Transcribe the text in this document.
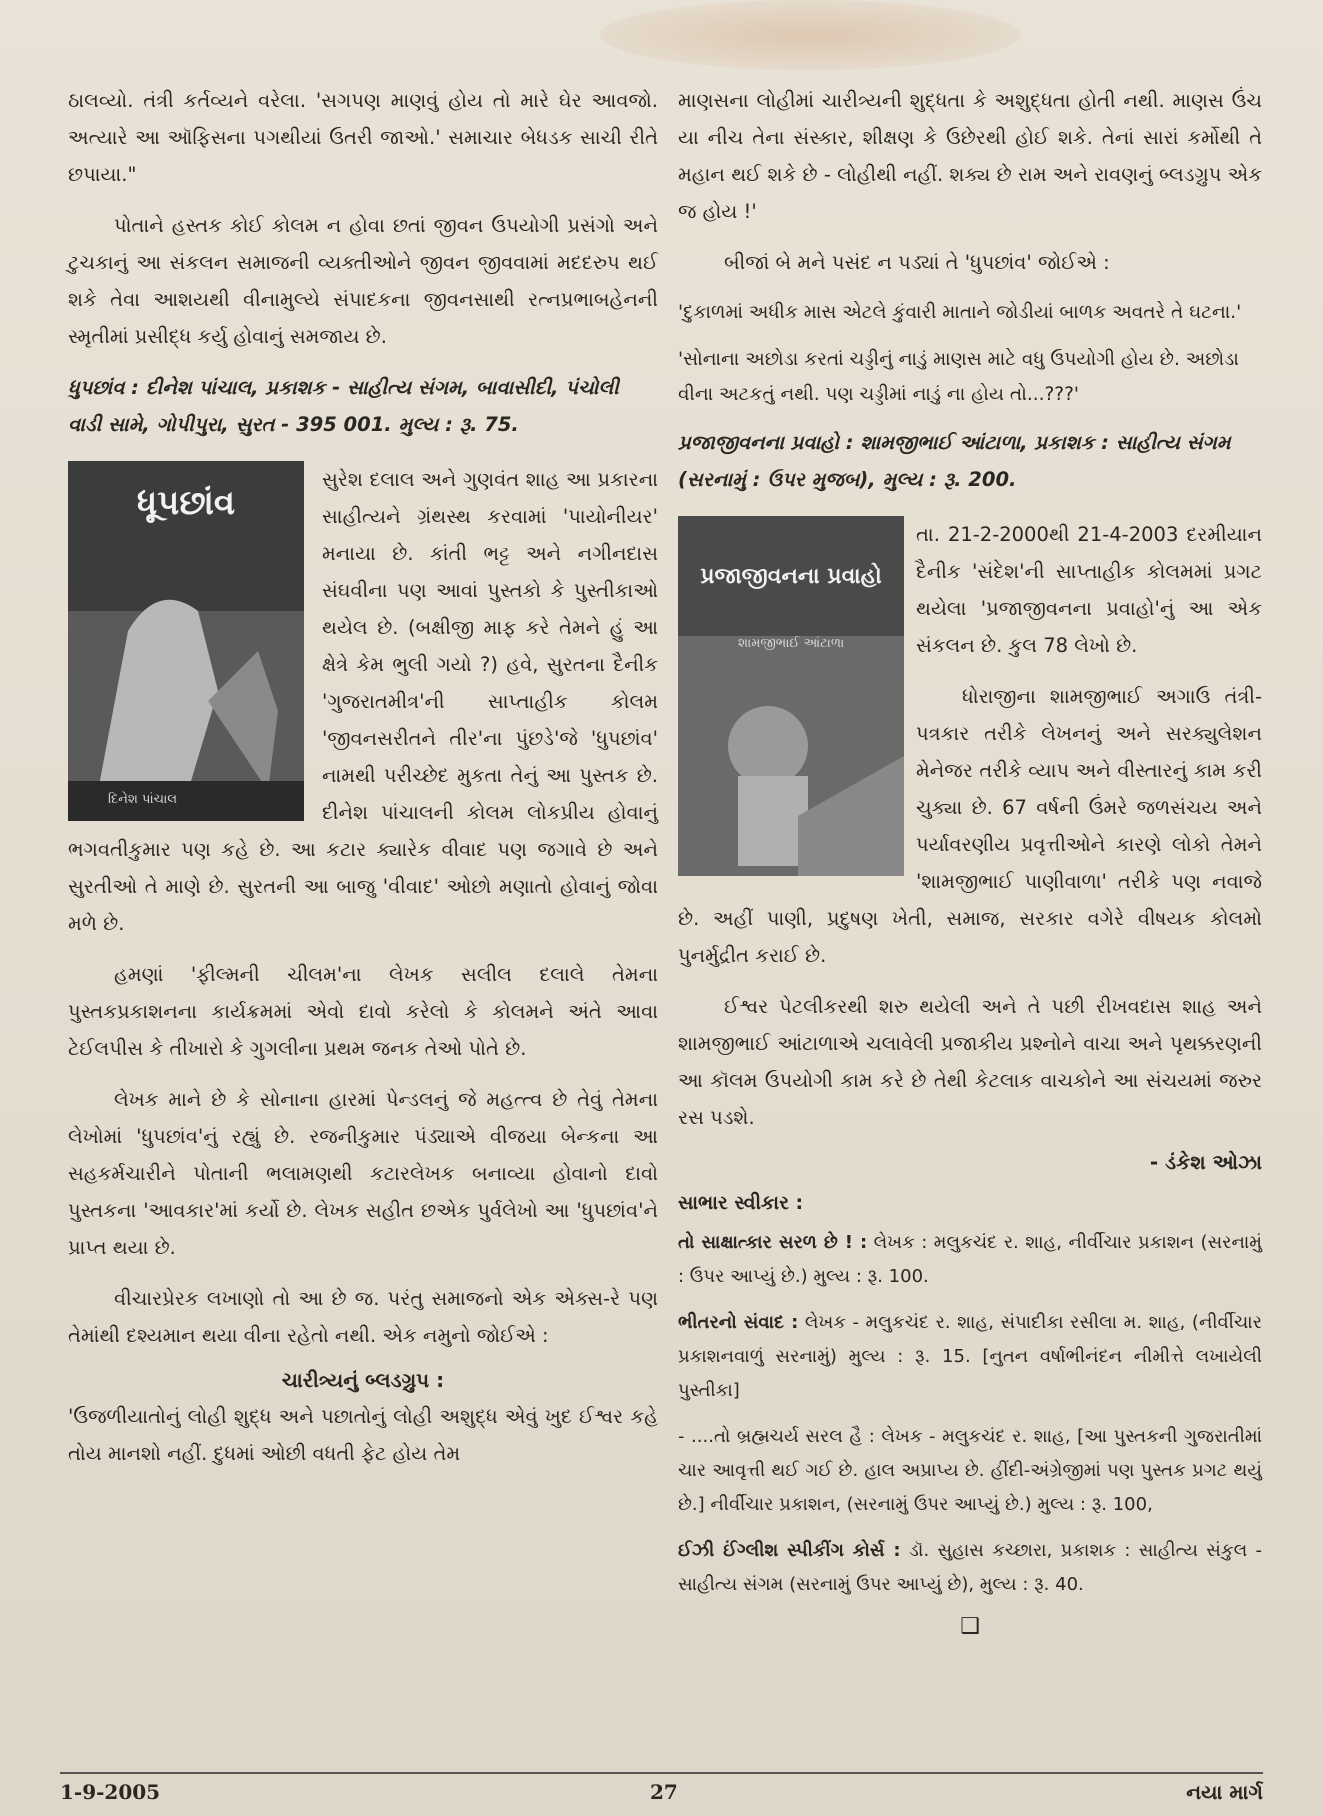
ઠાલવ્યો. તંત્રી કર્તવ્યને વરેલા. 'સગપણ માણવું હોય તો મારે ઘેર આવજો. અત્યારે આ ઑફિસના પગથીયાં ઉતરી જાઓ.' સમાચાર બેધડક સાચી રીતે છપાયા."

પોતાને હસ્તક કોઈ કોલમ ન હોવા છતાં જીવન ઉપયોગી પ્રસંગો અને ટુચકાનું આ સંકલન સમાજની વ્યક્તીઓને જીવન જીવવામાં મદદરુપ થઈ શકે તેવા આશયથી વીનામુલ્યે સંપાદકના જીવનસાથી રત્નપ્રભાબહેનની સ્મૃતીમાં પ્રસીદ્ધ કર્યુ હોવાનું સમજાય છે.

ધુપછાંવ : દીનેશ પાંચાલ, પ્રકાશક - સાહીત્ય સંગમ, બાવાસીદી, પંચોલી વાડી સામે, ગોપીપુરા, સુરત - 395 001. મુલ્ય : રૂ. 75.
ધૂપછાંવ
દિનેશ પાંચાલ

સુરેશ દલાલ અને ગુણવંત શાહ આ પ્રકારના સાહીત્યને ગ્રંથસ્થ કરવામાં 'પાયોનીયર' મનાયા છે. કાંતી ભટ્ટ અને નગીનદાસ સંઘવીના પણ આવાં પુસ્તકો કે પુસ્તીકાઓ થયેલ છે. (બક્ષીજી માફ કરે તેમને હું આ ક્ષેત્રે કેમ ભુલી ગયો ?) હવે, સુરતના દૈનીક 'ગુજરાતમીત્ર'ની સાપ્તાહીક કોલમ 'જીવનસરીતને તીર'ના પુંછડે'જે 'ધુપછાંવ' નામથી પરીચ્છેદ મુકતા તેનું આ પુસ્તક છે. દીનેશ પાંચાલની કોલમ લોકપ્રીય હોવાનું ભગવતીકુમાર પણ કહે છે. આ કટાર ક્યારેક વીવાદ પણ જગાવે છે અને સુરતીઓ તે માણે છે. સુરતની આ બાજુ 'વીવાદ' ઓછો મણાતો હોવાનું જોવા મળે છે.

હમણાં 'ફીલ્મની ચીલમ'ના લેખક સલીલ દલાલે તેમના પુસ્તકપ્રકાશનના કાર્યક્રમમાં એવો દાવો કરેલો કે કોલમને અંતે આવા ટેઈલપીસ કે તીખારો કે ગુગલીના પ્રથમ જનક તેઓ પોતે છે.

લેખક માને છે કે સોનાના હારમાં પેન્ડલનું જે મહત્ત્વ છે તેવું તેમના લેખોમાં 'ધુપછાંવ'નું રહ્યું છે. રજનીકુમાર પંડ્યાએ વીજયા બેન્કના આ સહકર્મચારીને પોતાની ભલામણથી કટારલેખક બનાવ્યા હોવાનો દાવો પુસ્તકના 'આવકાર'માં કર્યો છે. લેખક સહીત છએક પુર્વલેખો આ 'ધુપછાંવ'ને પ્રાપ્ત થયા છે.

વીચારપ્રેરક લખાણો તો આ છે જ. પરંતુ સમાજનો એક એક્સ-રે પણ તેમાંથી દશ્યમાન થયા વીના રહેતો નથી. એક નમુનો જોઈએ :

ચારીત્ર્યનું બ્લડગ્રુપ :

'ઉજળીયાતોનું લોહી શુદ્ધ અને પછાતોનું લોહી અશુદ્ધ એવું ખુદ ઈશ્વર કહે તોય માનશો નહીં. દુધમાં ઓછી વધતી ફેટ હોય તેમ

માણસના લોહીમાં ચારીત્ર્યની શુદ્ધતા કે અશુદ્ધતા હોતી નથી. માણસ ઉંચ યા નીચ તેના સંસ્કાર, શીક્ષણ કે ઉછેરથી હોઈ શકે. તેનાં સારાં કર્મોથી તે મહાન થઈ શકે છે - લોહીથી નહીં. શક્ય છે રામ અને રાવણનું બ્લડગ્રુપ એક જ હોય !'

બીજાં બે મને પસંદ ન પડ્યાં તે 'ધુપછાંવ' જોઈએ :

'દુકાળમાં અધીક માસ એટલે કુંવારી માતાને જોડીયાં બાળક અવતરે તે ઘટના.'
'સોનાના અછોડા કરતાં ચડ્ડીનું નાડું માણસ માટે વધુ ઉપયોગી હોય છે. અછોડા વીના અટકતું નથી. પણ ચડ્ડીમાં નાડું ના હોય તો...???'
પ્રજાજીવનના પ્રવાહો : શામજીભાઈ આંટાળા, પ્રકાશક : સાહીત્ય સંગમ (સરનામું : ઉપર મુજબ), મુલ્ય : રૂ. 200.
પ્રજાજીવનના પ્રવાહો
શામજીભાઈ આંટાળા

તા. 21-2-2000થી 21-4-2003 દરમીયાન દૈનીક 'સંદેશ'ની સાપ્તાહીક કોલમમાં પ્રગટ થયેલા 'પ્રજાજીવનના પ્રવાહો'નું આ એક સંકલન છે. કુલ 78 લેખો છે.

ધોરાજીના શામજીભાઈ અગાઉ તંત્રી-પત્રકાર તરીકે લેખનનું અને સરક્યુલેશન મેનેજર તરીકે વ્યાપ અને વીસ્તારનું કામ કરી ચુક્યા છે. 67 વર્ષની ઉંમરે જળસંચય અને પર્યાવરણીય પ્રવૃત્તીઓને કારણે લોકો તેમને 'શામજીભાઈ પાણીવાળા' તરીકે પણ નવાજે છે. અહીં પાણી, પ્રદુષણ ખેતી, સમાજ, સરકાર વગેરે વીષયક કોલમો પુનર્મુદ્રીત કરાઈ છે.

ઈશ્વર પેટલીકરથી શરુ થયેલી અને તે પછી રીખવદાસ શાહ અને શામજીભાઈ આંટાળાએ ચલાવેલી પ્રજાકીય પ્રશ્નોને વાચા અને પૃથક્કરણની આ કૉલમ ઉપયોગી કામ કરે છે તેથી કેટલાક વાચકોને આ સંચયમાં જરુર રસ પડશે.

- ડંકેશ ઓઝા
સાભાર સ્વીકાર :
તો સાક્ષાત્કાર સરળ છે ! : લેખક : મલુકચંદ ર. શાહ, નીર્વીચાર પ્રકાશન (સરનામું : ઉપર આપ્યું છે.) મુલ્ય : રૂ. 100.
ભીતરનો સંવાદ : લેખક - મલુકચંદ ર. શાહ, સંપાદીકા રસીલા મ. શાહ, (નીર્વીચાર પ્રકાશનવાળું સરનામું) મુલ્ય : રૂ. 15. [નુતન વર્ષાભીનંદન નીમીત્તે લખાયેલી પુસ્તીકા]
- ....તો બ્રહ્મચર્ય સરલ હૈ : લેખક - મલુકચંદ ર. શાહ, [આ પુસ્તકની ગુજરાતીમાં ચાર આવૃત્તી થઈ ગઈ છે. હાલ અપ્રાપ્ય છે. હીંદી-અંગ્રેજીમાં પણ પુસ્તક પ્રગટ થયું છે.] નીર્વીચાર પ્રકાશન, (સરનામું ઉપર આપ્યું છે.) મુલ્ય : રૂ. 100,
ઈઝી ઈંગ્લીશ સ્પીકીંગ કોર્સ : ડૉ. સુહાસ કચ્છારા, પ્રકાશક : સાહીત્ય સંકુલ - સાહીત્ય સંગમ (સરનામું ઉપર આપ્યું છે), મુલ્ય : રૂ. 40.
❑
1-9-2005	27	નયા માર્ગ
